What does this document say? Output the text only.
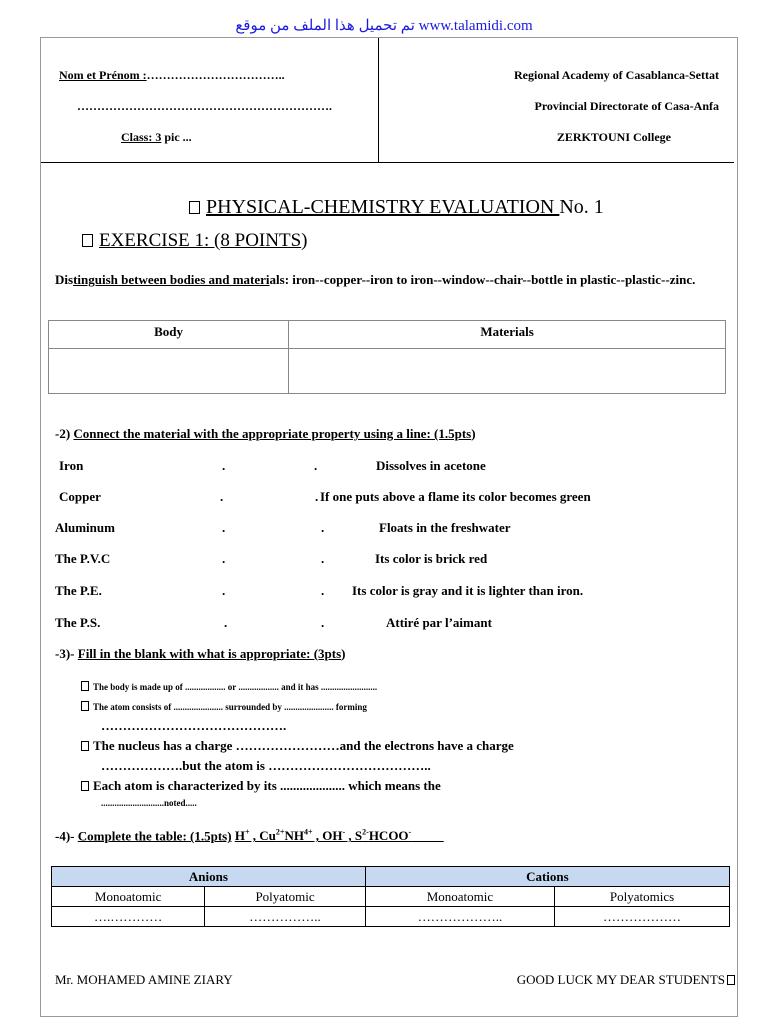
تم تحميل هذا الملف من موقع www.talamidi.com
Nom et Prénom :……………………………..
……………………………………………………….
Class: 3 pic ...
Regional Academy of Casablanca-Settat
Provincial Directorate of Casa-Anfa
ZERKTOUNI College
PHYSICAL-CHEMISTRY EVALUATION No. 1
EXERCISE 1: (8 POINTS)
Distinguish between bodies and materials: iron--copper--iron to iron--window--chair--bottle in plastic--plastic--zinc.
Body	Materials

-2) Connect the material with the appropriate property using a line: (1.5pts)
Iron	.	.	Dissolves in acetone
Copper	.	. If one puts above a flame its color becomes green
Aluminum	.	.	Floats in the freshwater
The P.V.C	.	.	Its color is brick red
The P.E.	.	. Its color is gray and it is lighter than iron.
The P.S.	.	.	Attiré par l’aimant
-3)- Fill in the blank with what is appropriate: (3pts)
The body is made up of .................. or .................. and it has .........................
The atom consists of ...................... surrounded by ...................... forming
…………………………………….
The nucleus has a charge ……………………and the electrons have a charge
……………….but the atom is ………………………………..
Each atom is characterized by its .................... which means the
............................noted.....
-4)- Complete the table: (1.5pts) H+ , $Cu^{2+}NH^{4+}$ , OH- , $S^{2-}HCOO^-$
Anions		Cations	
Monoatomic	Polyatomic	Monoatomic	Polyatomics
….…………	……………..	………………..	………………
Mr. MOHAMED AMINE ZIARY	GOOD LUCK MY DEAR STUDENTS
